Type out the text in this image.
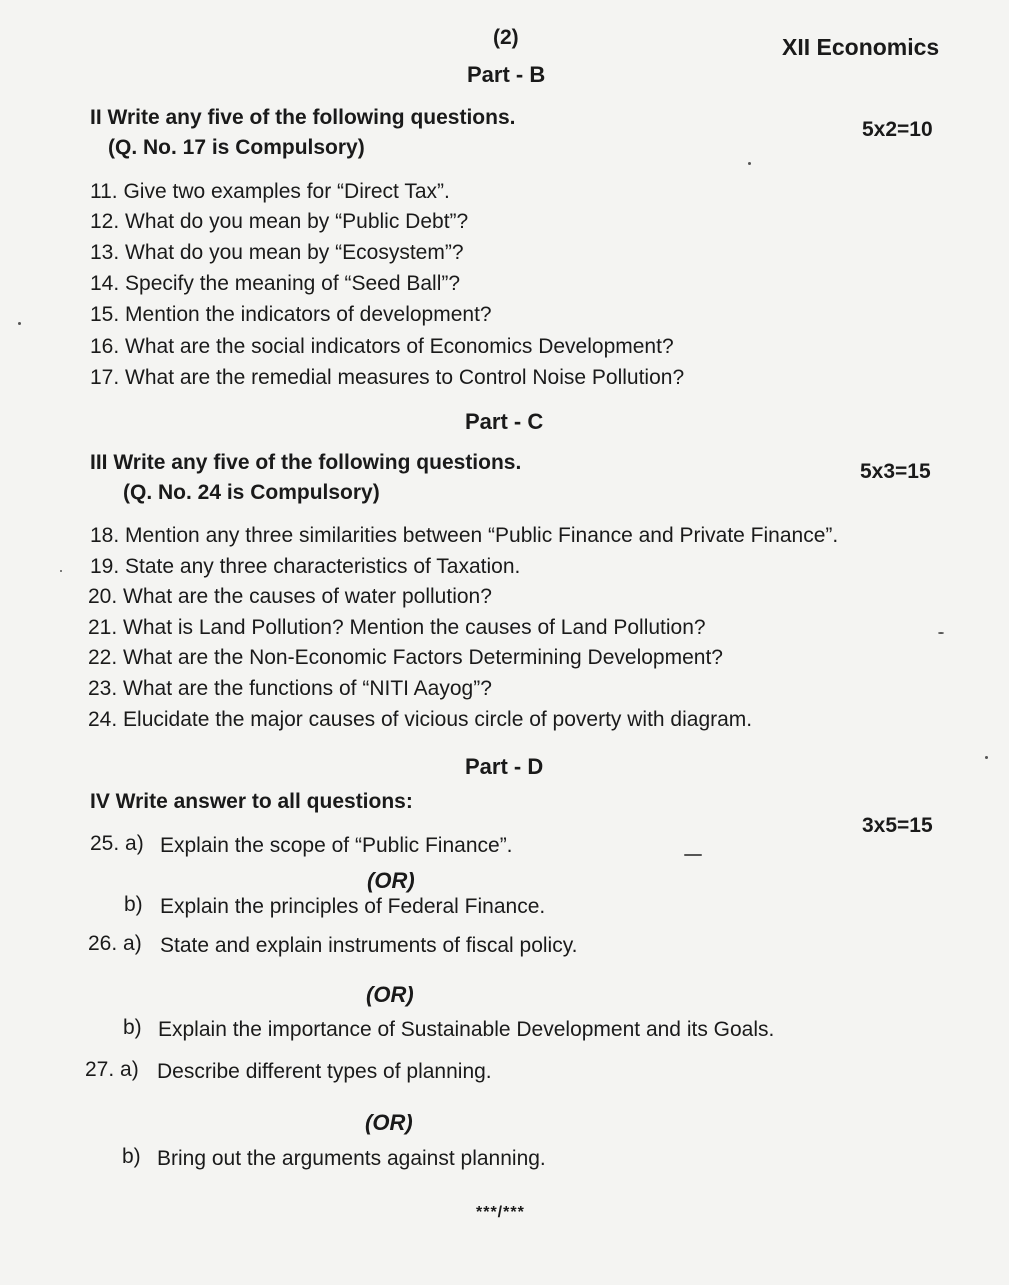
(2)	XII Economics
Part - B
II Write any five of the following questions.
(Q. No. 17 is Compulsory)
5x2=10
11. Give two examples for “Direct Tax”.
12. What do you mean by “Public Debt”?
13. What do you mean by “Ecosystem”?
14. Specify the meaning of “Seed Ball”?
15. Mention the indicators of development?
16. What are the social indicators of Economics Development?
17. What are the remedial measures to Control Noise Pollution?
Part - C
III Write any five of the following questions.
(Q. No. 24 is Compulsory)
5x3=15
18. Mention any three similarities between “Public Finance and Private Finance”.
19. State any three characteristics of Taxation.
20. What are the causes of water pollution?
21. What is Land Pollution? Mention the causes of Land Pollution?
22. What are the Non-Economic Factors Determining Development?
23. What are the functions of “NITI Aayog”?
24. Elucidate the major causes of vicious circle of poverty with diagram.
Part - D
IV Write answer to all questions:
3x5=15
25. a) Explain the scope of “Public Finance”.
(OR)
b) Explain the principles of Federal Finance.
26. a) State and explain instruments of fiscal policy.
(OR)
b) Explain the importance of Sustainable Development and its Goals.
27. a) Describe different types of planning.
(OR)
b) Bring out the arguments against planning.
***/***
